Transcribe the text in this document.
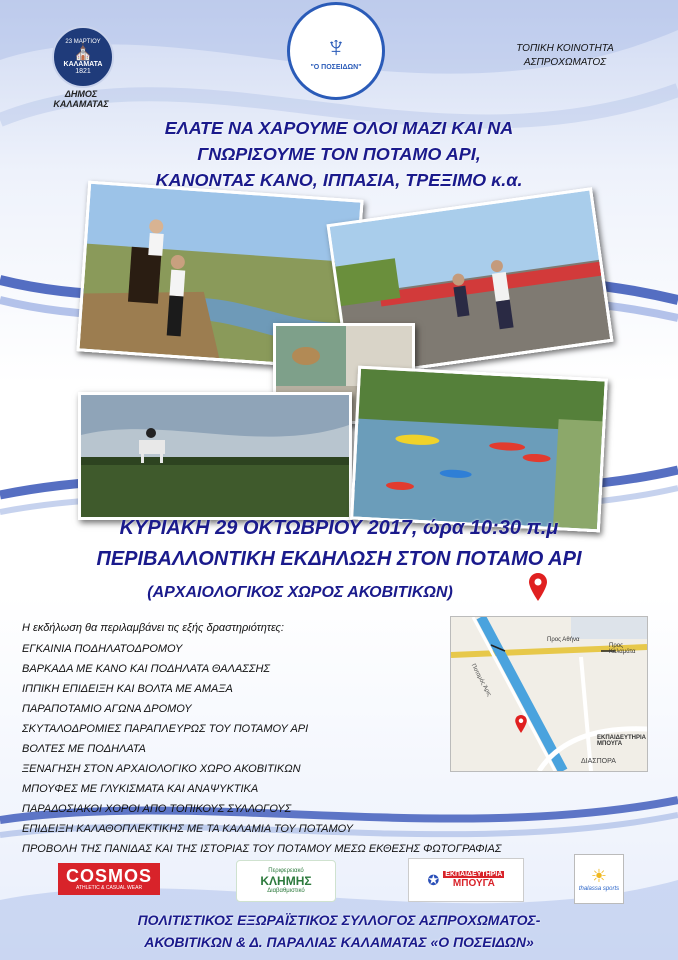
23 ΜΑΡΤΙΟΥ
⛪
ΚΑΛΑΜΑΤΑ
1821
ΔΗΜΟΣ ΚΑΛΑΜΑΤΑΣ
♆
"Ο ΠΟΣΕΙΔΩΝ"
ΤΟΠΙΚΗ ΚΟΙΝΟΤΗΤΑ ΑΣΠΡΟΧΩΜΑΤΟΣ
ΕΛΑΤΕ ΝΑ ΧΑΡΟΥΜΕ ΟΛΟΙ ΜΑΖΙ ΚΑΙ ΝΑ
ΓΝΩΡΙΣΟΥΜΕ ΤΟΝ ΠΟΤΑΜΟ ΑΡΙ,
ΚΑΝΟΝΤΑΣ ΚΑΝΟ, ΙΠΠΑΣΙΑ, ΤΡΕΞΙΜΟ κ.α.
ΚΥΡΙΑΚΗ 29 ΟΚΤΩΒΡΙΟΥ 2017, ώρα 10:30 π.μ
ΠΕΡΙΒΑΛΛΟΝΤΙΚΗ ΕΚΔΗΛΩΣΗ ΣΤΟΝ ΠΟΤΑΜΟ ΑΡΙ
(ΑΡΧΑΙΟΛΟΓΙΚΟΣ ΧΩΡΟΣ ΑΚΟΒΙΤΙΚΩΝ)
Η εκδήλωση θα περιλαμβάνει τις εξής δραστηριότητες:
ΕΓΚΑΙΝΙΑ ΠΟΔΗΛΑΤΟΔΡΟΜΟΥ
ΒΑΡΚΑΔΑ ΜΕ ΚΑΝΟ ΚΑΙ ΠΟΔΗΛΑΤΑ ΘΑΛΑΣΣΗΣ
ΙΠΠΙΚΗ ΕΠΙΔΕΙΞΗ ΚΑΙ ΒΟΛΤΑ ΜΕ ΑΜΑΞΑ
ΠΑΡΑΠΟΤΑΜΙΟ ΑΓΩΝΑ ΔΡΟΜΟΥ
ΣΚΥΤΑΛΟΔΡΟΜΙΕΣ ΠΑΡΑΠΛΕΥΡΩΣ ΤΟΥ ΠΟΤΑΜΟΥ ΑΡΙ
ΒΟΛΤΕΣ ΜΕ ΠΟΔΗΛΑΤΑ
ΞΕΝΑΓΗΣΗ ΣΤΟΝ ΑΡΧΑΙΟΛΟΓΙΚΟ ΧΩΡΟ ΑΚΟΒΙΤΙΚΩΝ
ΜΠΟΥΦΕΣ ΜΕ ΓΛΥΚΙΣΜΑΤΑ ΚΑΙ ΑΝΑΨΥΚΤΙΚΑ
ΠΑΡΑΔΟΣΙΑΚΟΙ ΧΟΡΟΙ ΑΠΟ ΤΟΠΙΚΟΥΣ ΣΥΛΛΟΓΟΥΣ
ΕΠΙΔΕΙΞΗ ΚΑΛΑΘΟΠΛΕΚΤΙΚΗΣ ΜΕ ΤΑ ΚΑΛΑΜΙΑ ΤΟΥ ΠΟΤΑΜΟΥ
ΠΡΟΒΟΛΗ ΤΗΣ ΠΑΝΙΔΑΣ ΚΑΙ ΤΗΣ ΙΣΤΟΡΙΑΣ ΤΟΥ ΠΟΤΑΜΟΥ ΜΕΣΩ ΕΚΘΕΣΗΣ ΦΩΤΟΓΡΑΦΙΑΣ
Προς Αθήνα
Προς Καλαμάτα
Ποταμός Άρις
ΕΚΠΑΙΔΕΥΤΗΡΙΑ ΜΠΟΥΓΑ
ΔΙΑΣΠΟΡΑ
COSMOS
ATHLETIC & CASUAL WEAR
Περιφερειακό
ΚΛΗΜΗΣ
Διαβαθμιστικό
✪ ΕΚΠΑΙΔΕΥΤΗΡΙΑ
ΜΠΟΥΓΑ	☀
thalassa sports
ΠΟΛΙΤΙΣΤΙΚΟΣ ΕΞΩΡΑΪΣΤΙΚΟΣ ΣΥΛΛΟΓΟΣ ΑΣΠΡΟΧΩΜΑΤΟΣ-
ΑΚΟΒΙΤΙΚΩΝ & Δ. ΠΑΡΑΛΙΑΣ ΚΑΛΑΜΑΤΑΣ «Ο ΠΟΣΕΙΔΩΝ»
